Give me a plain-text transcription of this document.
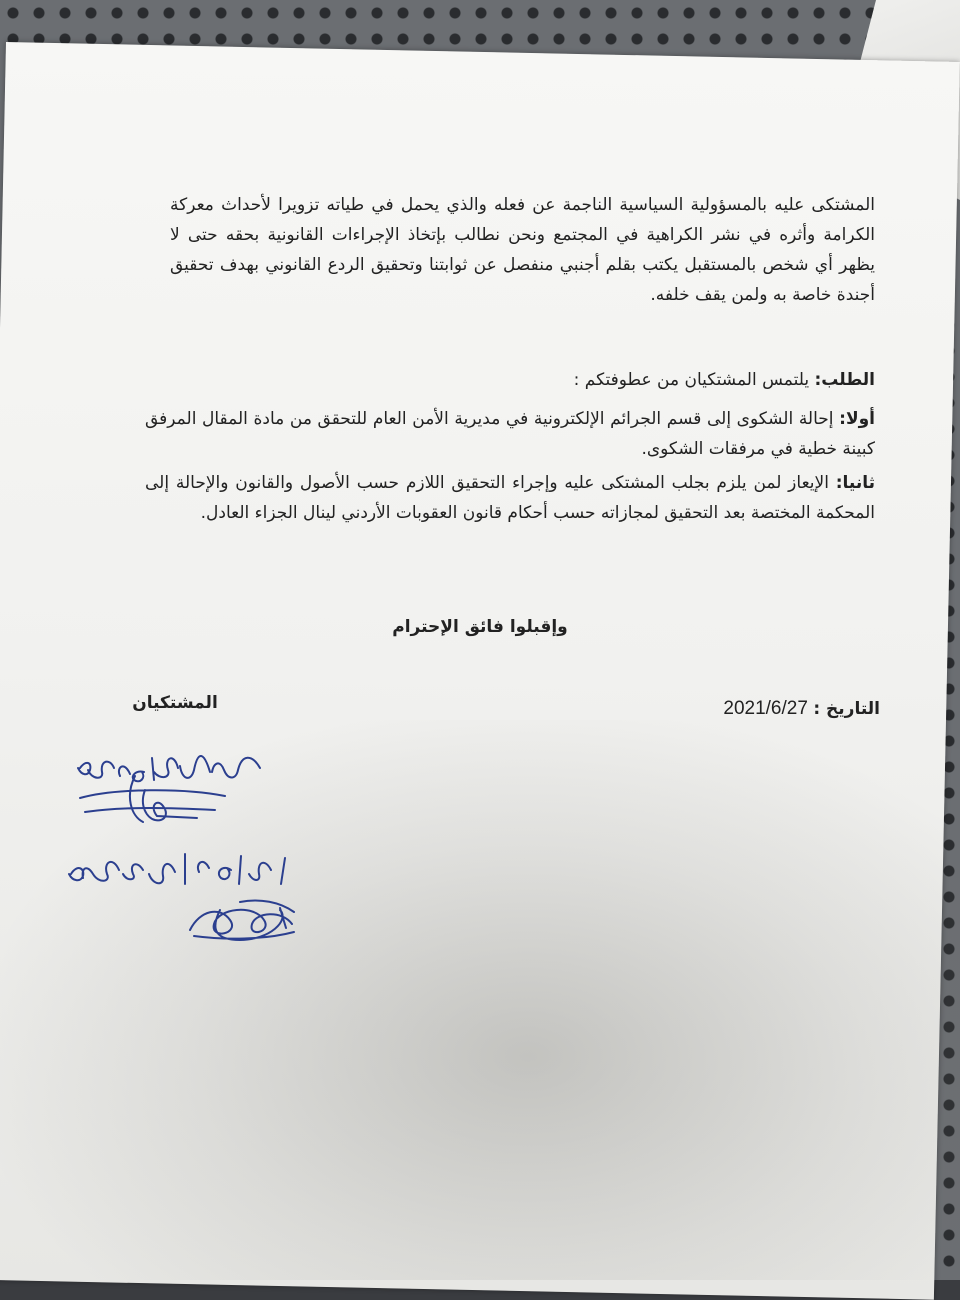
المشتكى عليه بالمسؤولية السياسية الناجمة عن فعله والذي يحمل في طياته تزويرا لأحداث معركة الكرامة وأثره في نشر الكراهية في المجتمع ونحن نطالب بإتخاذ الإجراءات القانونية بحقه حتى لا يظهر أي شخص بالمستقبل يكتب بقلم أجنبي منفصل عن ثوابتنا وتحقيق الردع القانوني بهدف تحقيق أجندة خاصة به ولمن يقف خلفه.
الطلب: يلتمس المشتكيان من عطوفتكم :
أولا: إحالة الشكوى إلى قسم الجرائم الإلكترونية في مديرية الأمن العام للتحقق من مادة المقال المرفق كبينة خطية في مرفقات الشكوى.
ثانيا: الإيعاز لمن يلزم بجلب المشتكى عليه وإجراء التحقيق اللازم حسب الأصول والقانون والإحالة إلى المحكمة المختصة بعد التحقيق لمجازاته حسب أحكام قانون العقوبات الأردني لينال الجزاء العادل.
وإقبلوا فائق الإحترام
التاريخ : 2021/6/27
المشتكيان
